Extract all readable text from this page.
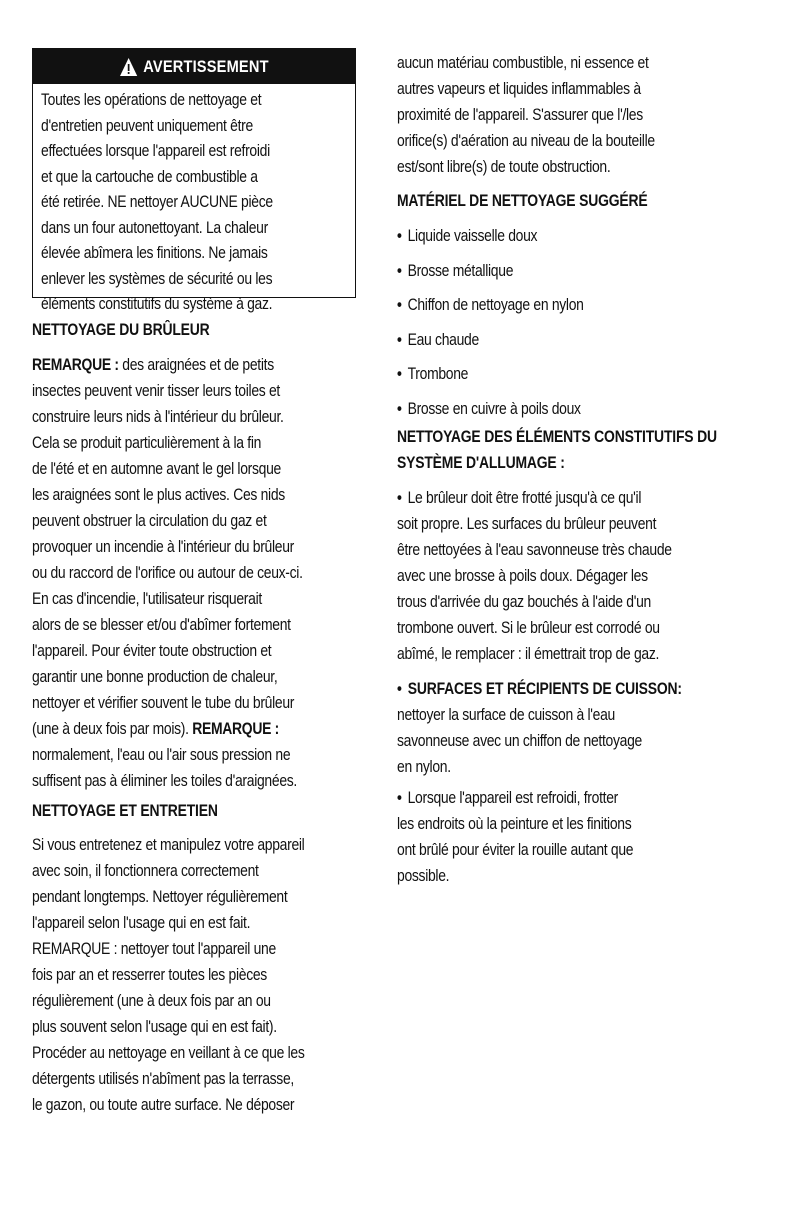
AVERTISSEMENT

Toutes les opérations de nettoyage et

d'entretien peuvent uniquement être

effectuées lorsque l'appareil est refroidi

et que la cartouche de combustible a

été retirée. NE nettoyer AUCUNE pièce

dans un four autonettoyant. La chaleur

élevée abîmera les finitions. Ne jamais

enlever les systèmes de sécurité ou les

éléments constitutifs du système à gaz.

NETTOYAGE DU BRÛLEUR

REMARQUE : des araignées et de petits

insectes peuvent venir tisser leurs toiles et

construire leurs nids à l'intérieur du brûleur.

Cela se produit particulièrement à la fin

de l'été et en automne avant le gel lorsque

les araignées sont le plus actives. Ces nids

peuvent obstruer la circulation du gaz et

provoquer un incendie à l'intérieur du brûleur

ou du raccord de l'orifice ou autour de ceux-ci.

En cas d'incendie, l'utilisateur risquerait

alors de se blesser et/ou d'abîmer fortement

l'appareil. Pour éviter toute obstruction et

garantir une bonne production de chaleur,

nettoyer et vérifier souvent le tube du brûleur

(une à deux fois par mois). REMARQUE :

normalement, l'eau ou l'air sous pression ne

suffisent pas à éliminer les toiles d'araignées.

NETTOYAGE ET ENTRETIEN

Si vous entretenez et manipulez votre appareil

avec soin, il fonctionnera correctement

pendant longtemps. Nettoyer régulièrement

l'appareil selon l'usage qui en est fait.

REMARQUE : nettoyer tout l'appareil une

fois par an et resserrer toutes les pièces

régulièrement (une à deux fois par an ou

plus souvent selon l'usage qui en est fait).

Procéder au nettoyage en veillant à ce que les

détergents utilisés n'abîment pas la terrasse,

le gazon, ou toute autre surface. Ne déposer

aucun matériau combustible, ni essence et

autres vapeurs et liquides inflammables à

proximité de l'appareil. S'assurer que l'/les

orifice(s) d'aération au niveau de la bouteille

est/sont libre(s) de toute obstruction.

MATÉRIEL DE NETTOYAGE SUGGÉRÉ

• Liquide vaisselle doux

• Brosse métallique

• Chiffon de nettoyage en nylon

• Eau chaude

• Trombone

• Brosse en cuivre à poils doux

NETTOYAGE DES ÉLÉMENTS CONSTITUTIFS DU

SYSTÈME D'ALLUMAGE :

• Le brûleur doit être frotté jusqu'à ce qu'il

soit propre. Les surfaces du brûleur peuvent

être nettoyées à l'eau savonneuse très chaude

avec une brosse à poils doux. Dégager les

trous d'arrivée du gaz bouchés à l'aide d'un

trombone ouvert. Si le brûleur est corrodé ou

abîmé, le remplacer : il émettrait trop de gaz.

• SURFACES ET RÉCIPIENTS DE CUISSON:

nettoyer la surface de cuisson à l'eau

savonneuse avec un chiffon de nettoyage

en nylon.

• Lorsque l'appareil est refroidi, frotter

les endroits où la peinture et les finitions

ont brûlé pour éviter la rouille autant que

possible.
